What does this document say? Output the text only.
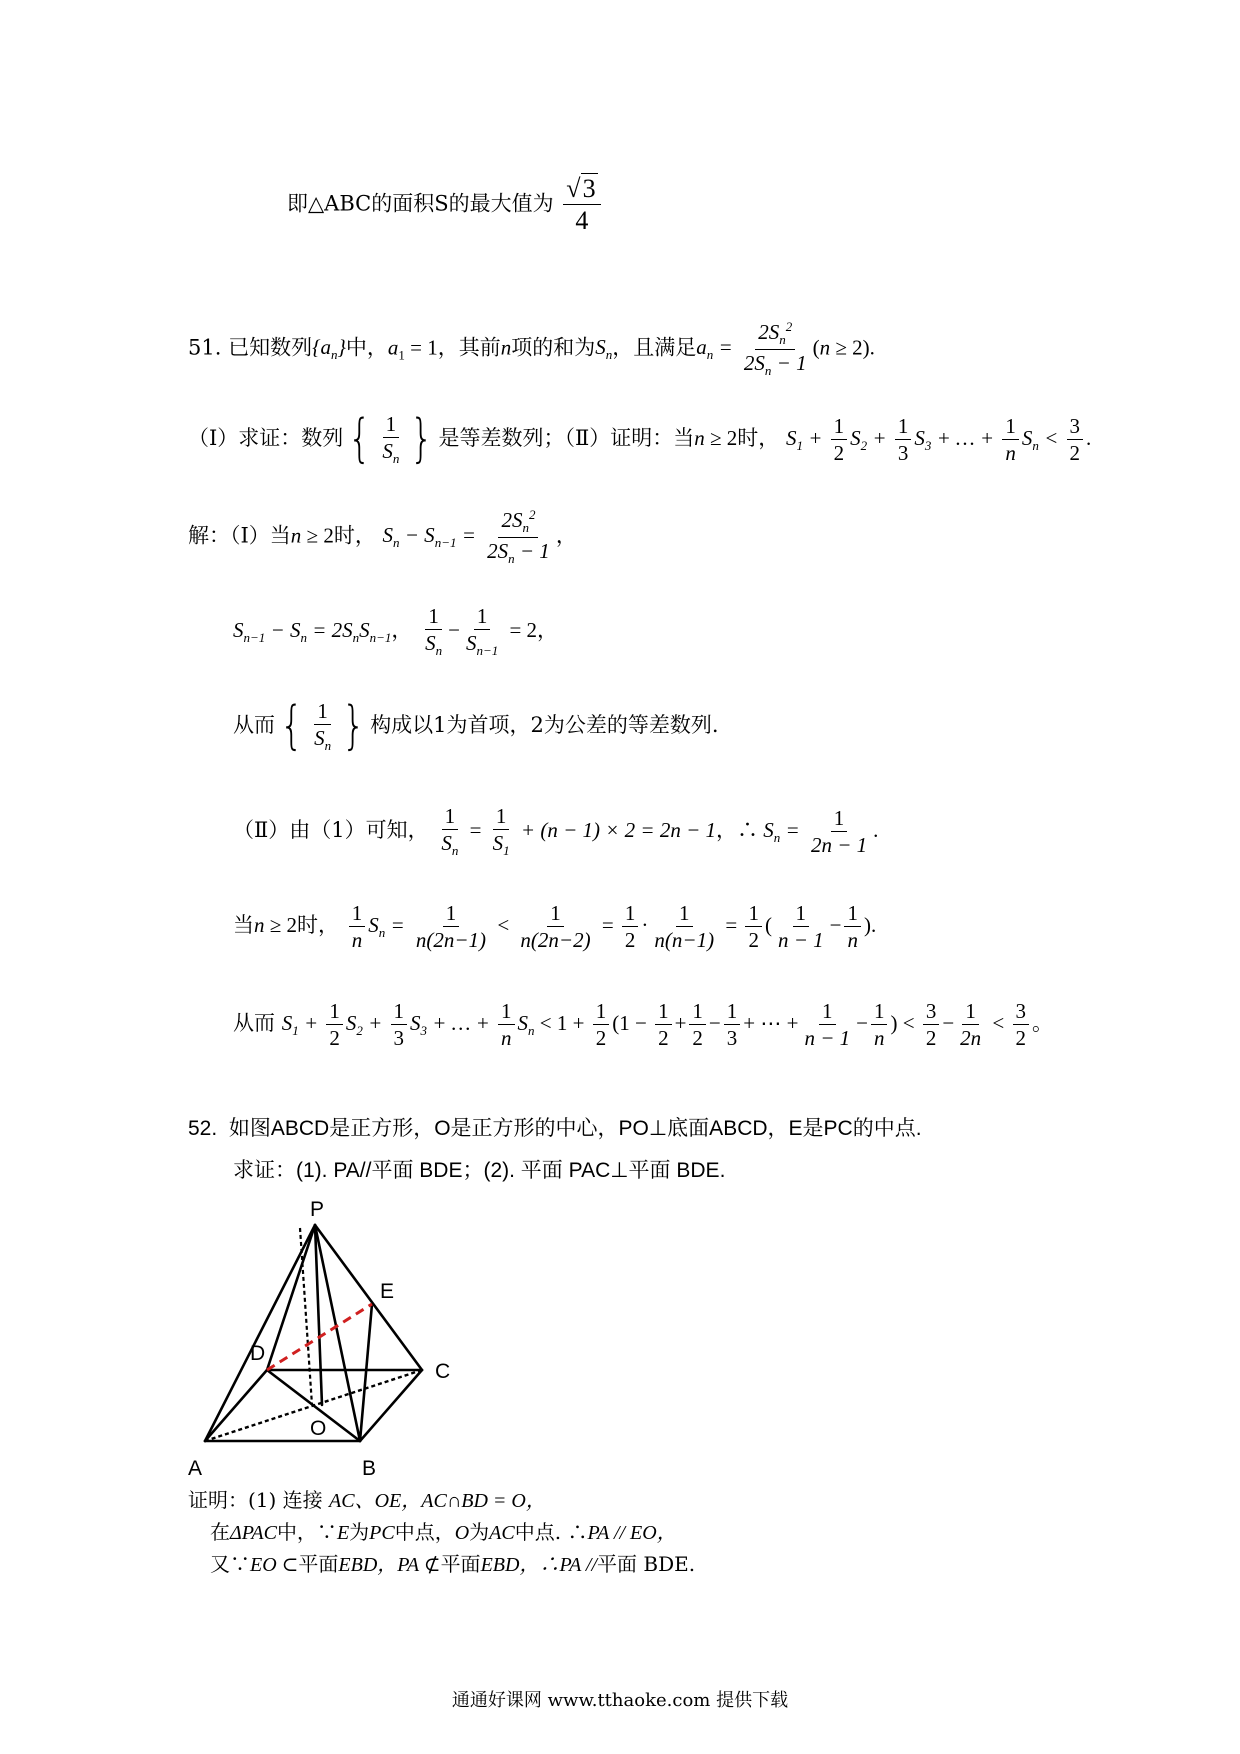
即△ABC的面积S的最大值为 $\frac{√3}{4}$
51. 已知数列$\{a_n\}$中，$a_1 = 1$，其前n项的和为$S_n$，且满足$a_n = \frac{2S_n^2}{2S_n - 1} (n \ge 2)$.
（Ⅰ）求证：数列 { $\frac{1}{S_n}$ } 是等差数列；（Ⅱ）证明：当n ≥ 2时， $S_1 + \frac{1}{2} S_2 + \frac{1}{3} S_3$ + … + $\frac{1}{n} S_n < \frac{3}{2}$ .
解：（Ⅰ）当n ≥ 2时， $S_n - S_{n-1} = \frac{2S_n^2}{2S_n - 1}$ ，
$S_{n-1} - S_n = 2S_nS_{n-1}$， $\frac{1}{S_n} - \frac{1}{S_{n-1}} = 2$，
从而 { $\frac{1}{S_n}$ } 构成以1为首项，2为公差的等差数列.
（Ⅱ）由（1）可知， $\frac{1}{S_n} = \frac{1}{S_1} + (n - 1) \times 2 = 2n - 1$，∴ $S_n = \frac{1}{2n - 1}$ .
当n ≥ 2时， $\frac{1}{n} S_n = \frac{1}{n(2n-1)} < \frac{1}{n(2n-2)} = \frac{1}{2} \cdot \frac{1}{n(n-1)} = \frac{1}{2}$ ( $\frac{1}{n - 1} - \frac{1}{n}$ ).
从而 $S_1 + \frac{1}{2} S_2 + \frac{1}{3} S_3$ + … + $\frac{1}{n} S_n < 1 + \frac{1}{2} (1 - \frac{1}{2} + \frac{1}{2} - \frac{1}{3}$ + ⋯ + $\frac{1}{n - 1} - \frac{1}{n}$ ) < $\frac{3}{2} - \frac{1}{2n} < \frac{3}{2}$ 。
52. 如图ABCD是正方形，O是正方形的中心，PO⊥底面ABCD，E是PC的中点.
求证：(1). PA//平面 BDE；(2). 平面 PAC⊥平面 BDE.
P
E
D
C
O
A	B
证明：(1) 连接 AC、OE，AC∩BD = O，
在ΔPAC中，∵E为PC中点，O为AC中点. ∴PA // EO，
又∵EO ⊂平面EBD，PA ⊄平面EBD，∴PA //平面 BDE.
通通好课网 www.tthaoke.com 提供下载
